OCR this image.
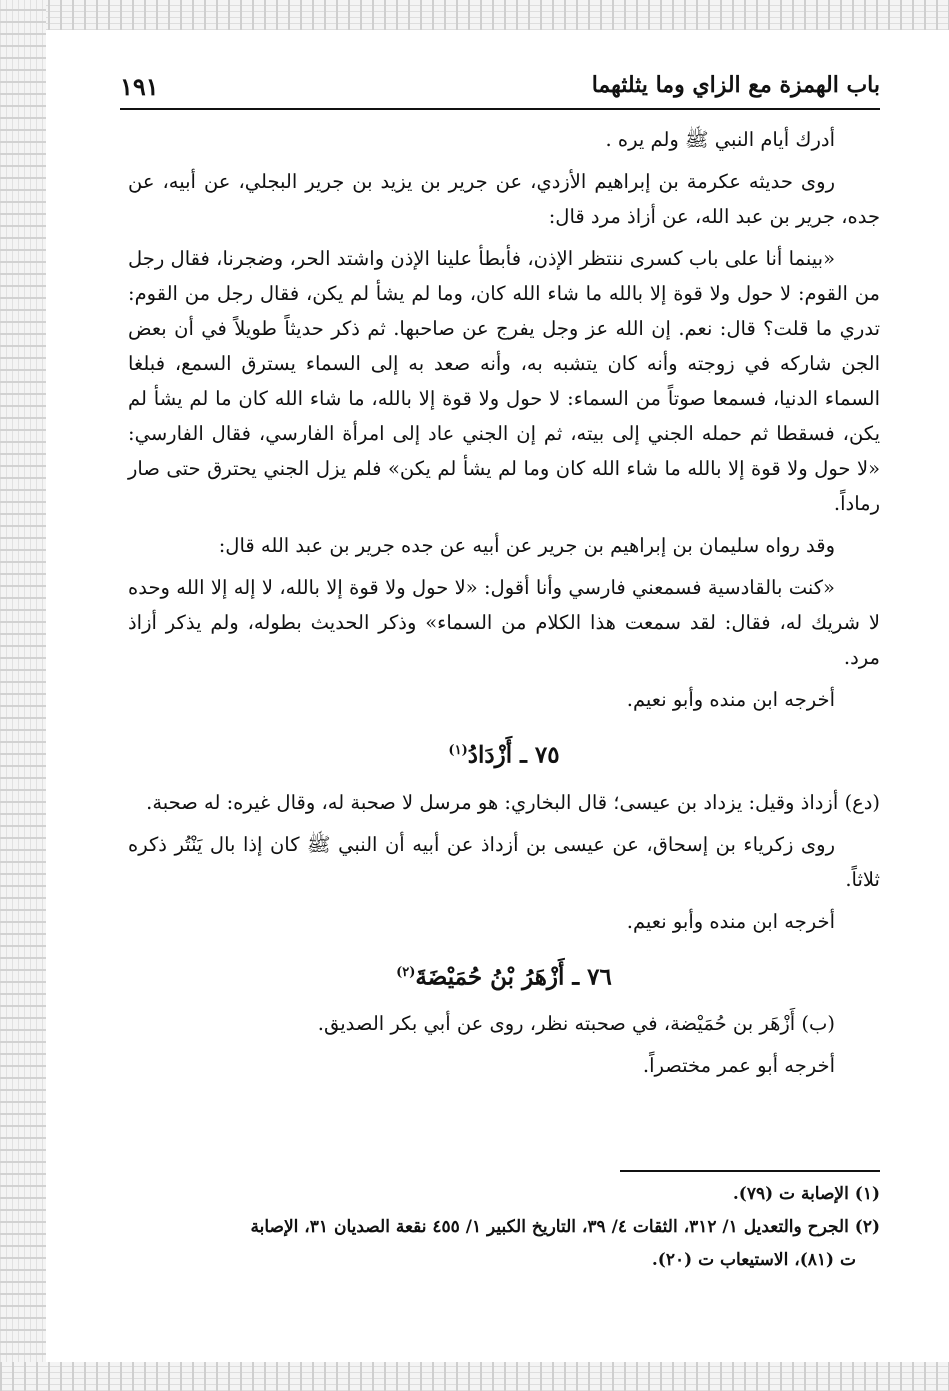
باب الهمزة مع الزاي وما يثلثهما
١٩١

أدرك أيام النبي ﷺ ولم يره .

روى حديثه عكرمة بن إبراهيم الأزدي، عن جرير بن يزيد بن جرير البجلي، عن أبيه، عن جده، جرير بن عبد الله، عن أزاذ مرد قال:

«بينما أنا على باب كسرى ننتظر الإذن، فأبطأ علينا الإذن واشتد الحر، وضجرنا، فقال رجل من القوم: لا حول ولا قوة إلا بالله ما شاء الله كان، وما لم يشأ لم يكن، فقال رجل من القوم: تدري ما قلت؟ قال: نعم. إن الله عز وجل يفرج عن صاحبها. ثم ذكر حديثاً طويلاً في أن بعض الجن شاركه في زوجته وأنه كان يتشبه به، وأنه صعد به إلى السماء يسترق السمع، فبلغا السماء الدنيا، فسمعا صوتاً من السماء: لا حول ولا قوة إلا بالله، ما شاء الله كان ما لم يشأ لم يكن، فسقطا ثم حمله الجني إلى بيته، ثم إن الجني عاد إلى امرأة الفارسي، فقال الفارسي: «لا حول ولا قوة إلا بالله ما شاء الله كان وما لم يشأ لم يكن» فلم يزل الجني يحترق حتى صار رماداً.

وقد رواه سليمان بن إبراهيم بن جرير عن أبيه عن جده جرير بن عبد الله قال:

«كنت بالقادسية فسمعني فارسي وأنا أقول: «لا حول ولا قوة إلا بالله، لا إله إلا الله وحده لا شريك له، فقال: لقد سمعت هذا الكلام من السماء» وذكر الحديث بطوله، ولم يذكر أزاذ مرد.

أخرجه ابن منده وأبو نعيم.

٧٥ ـ أَزْدَادُ$^{(١)}$

(دع) أزداذ وقيل: يزداد بن عيسى؛ قال البخاري: هو مرسل لا صحبة له، وقال غيره: له صحبة.

روى زكرياء بن إسحاق، عن عيسى بن أزداذ عن أبيه أن النبي ﷺ كان إذا بال يَنْتُر ذكره ثلاثاً.

أخرجه ابن منده وأبو نعيم.

٧٦ ـ أَزْهَرُ بْنُ حُمَيْضَةَ$^{(٢)}$

(ب) أَزْهَر بن حُمَيْضة، في صحبته نظر، روى عن أبي بكر الصديق.

أخرجه أبو عمر مختصراً.

(١) الإصابة ت (٧٩).

(٢) الجرح والتعديل ١/ ٣١٢، الثقات ٤/ ٣٩، التاريخ الكبير ١/ ٤٥٥ نقعة الصديان ٣١، الإصابة

ت (٨١)، الاستيعاب ت (٢٠).
